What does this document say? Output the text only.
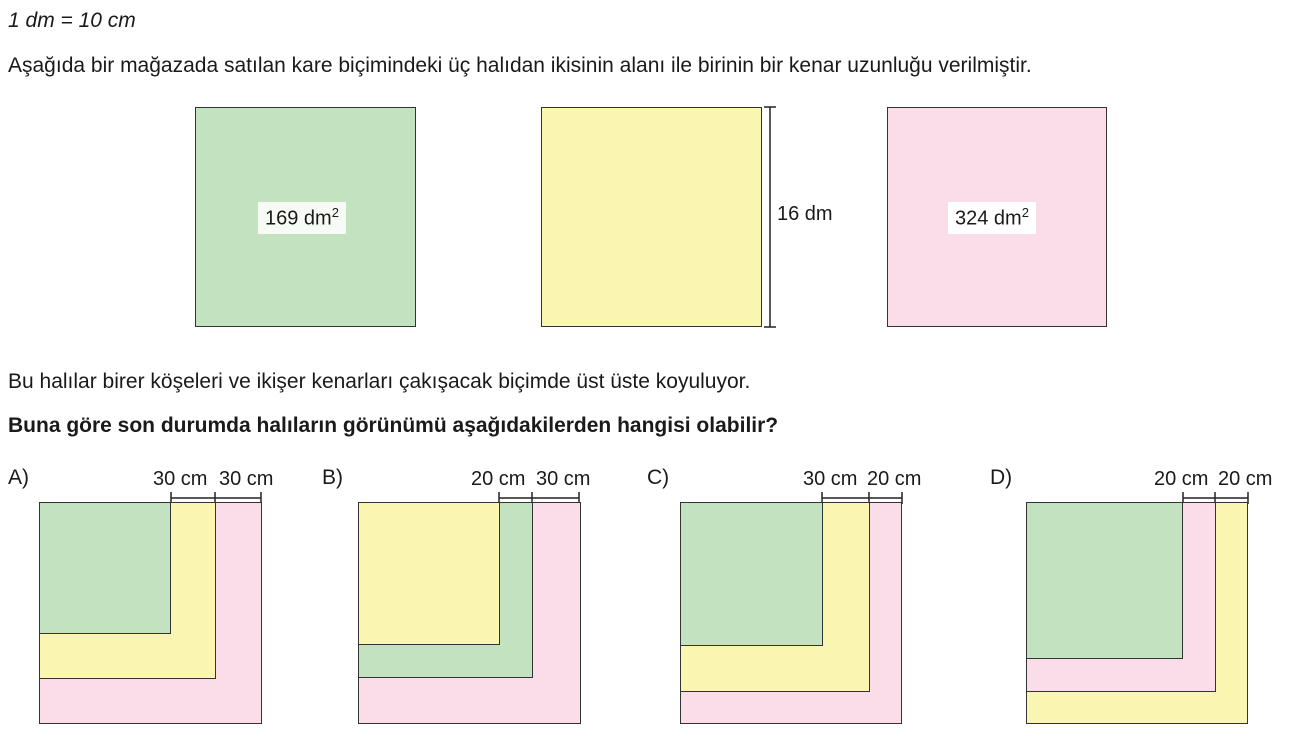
1 dm = 10 cm
Aşağıda bir mağazada satılan kare biçimindeki üç halıdan ikisinin alanı ile birinin bir kenar uzunluğu verilmiştir.
169 $dm^2$	16 dm	324 $dm^2$
Bu halılar birer köşeleri ve ikişer kenarları çakışacak biçimde üst üste koyuluyor.
Buna göre son durumda halıların görünümü aşağıdakilerden hangisi olabilir?
A)	30 cm 30 cm B)	20 cm 30 cm	C)	30 cm 20 cm	D)	20 cm 20 cm
